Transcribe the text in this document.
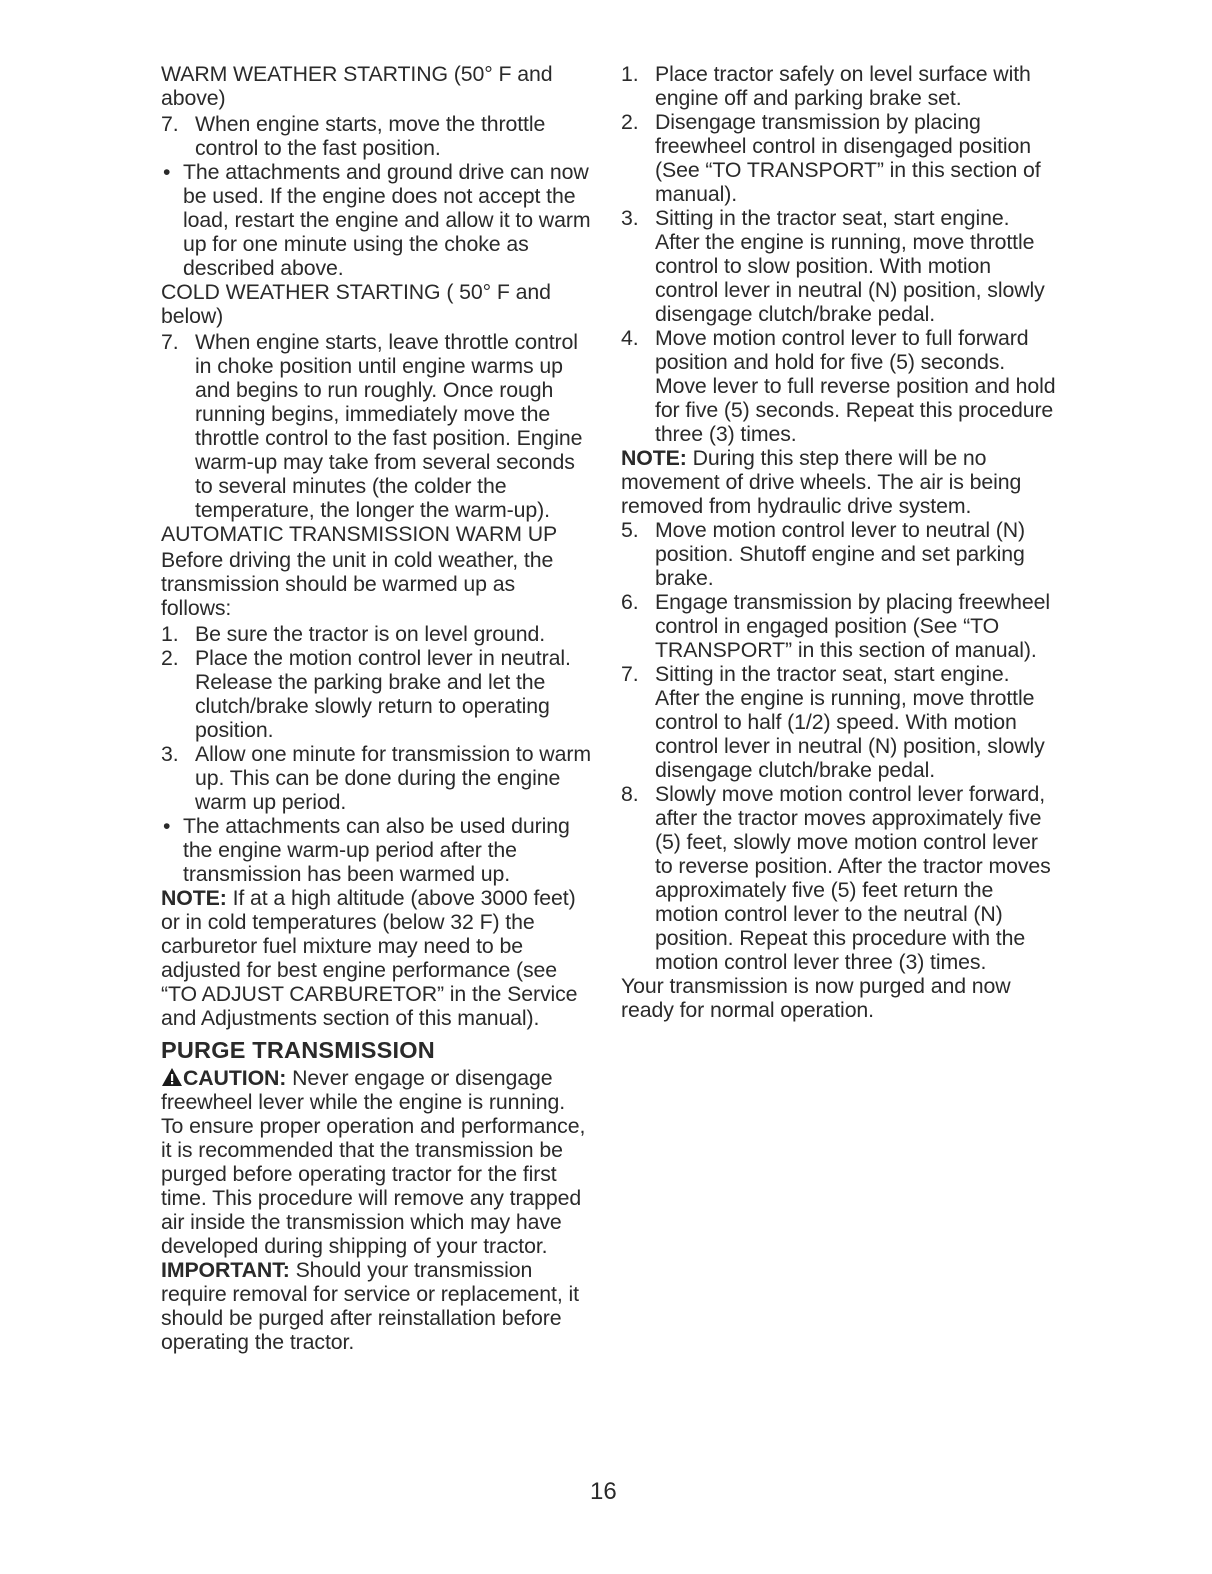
WARM WEATHER STARTING (50° F and
above)
7. When engine starts, move the throttle control to the fast position.
• The attachments and ground drive can now be used. If the engine does not accept the load, restart the engine and allow it to warm up for one minute using the choke as described above.
COLD WEATHER STARTING ( 50° F and
below)
7. When engine starts, leave throttle control in choke position until engine warms up and begins to run roughly. Once rough running begins, immediately move the throttle control to the fast position. Engine warm-up may take from several seconds to several minutes (the colder the temperature, the longer the warm-up).
AUTOMATIC TRANSMISSION WARM UP
Before driving the unit in cold weather, the transmission should be warmed up as follows:
1. Be sure the tractor is on level ground.
2. Place the motion control lever in neutral. Release the parking brake and let the clutch/brake slowly return to operating position.
3. Allow one minute for transmission to warm up. This can be done during the engine warm up period.
• The attachments can also be used during the engine warm-up period after the transmission has been warmed up.
NOTE: If at a high altitude (above 3000 feet) or in cold temperatures (below 32 F) the carburetor fuel mixture may need to be adjusted for best engine performance (see “TO ADJUST CARBURETOR” in the Service and Adjustments section of this manual).
PURGE TRANSMISSION
CAUTION: Never engage or disengage freewheel lever while the engine is running.
To ensure proper operation and performance, it is recommended that the transmission be purged before operating tractor for the first time. This procedure will remove any trapped air inside the transmission which may have developed during shipping of your tractor.
IMPORTANT: Should your transmission require removal for service or replacement, it should be purged after reinstallation before operating the tractor.
1. Place tractor safely on level surface with engine off and parking brake set.
2. Disengage transmission by placing freewheel control in disengaged position (See “TO TRANSPORT” in this section of manual).
3. Sitting in the tractor seat, start engine. After the engine is running, move throttle control to slow position. With motion control lever in neutral (N) position, slowly disengage clutch/brake pedal.
4. Move motion control lever to full forward position and hold for five (5) seconds. Move lever to full reverse position and hold for five (5) seconds. Repeat this procedure three (3) times.
NOTE: During this step there will be no movement of drive wheels. The air is being removed from hydraulic drive system.
5. Move motion control lever to neutral (N) position. Shutoff engine and set parking brake.
6. Engage transmission by placing freewheel control in engaged position (See “TO TRANSPORT” in this section of manual).
7. Sitting in the tractor seat, start engine. After the engine is running, move throttle control to half (1/2) speed. With motion control lever in neutral (N) position, slowly disengage clutch/brake pedal.
8. Slowly move motion control lever forward, after the tractor moves approximately five (5) feet, slowly move motion control lever to reverse position. After the tractor moves approximately five (5) feet return the motion control lever to the neutral (N) position. Repeat this procedure with the motion control lever three (3) times.
Your transmission is now purged and now ready for normal operation.
16
